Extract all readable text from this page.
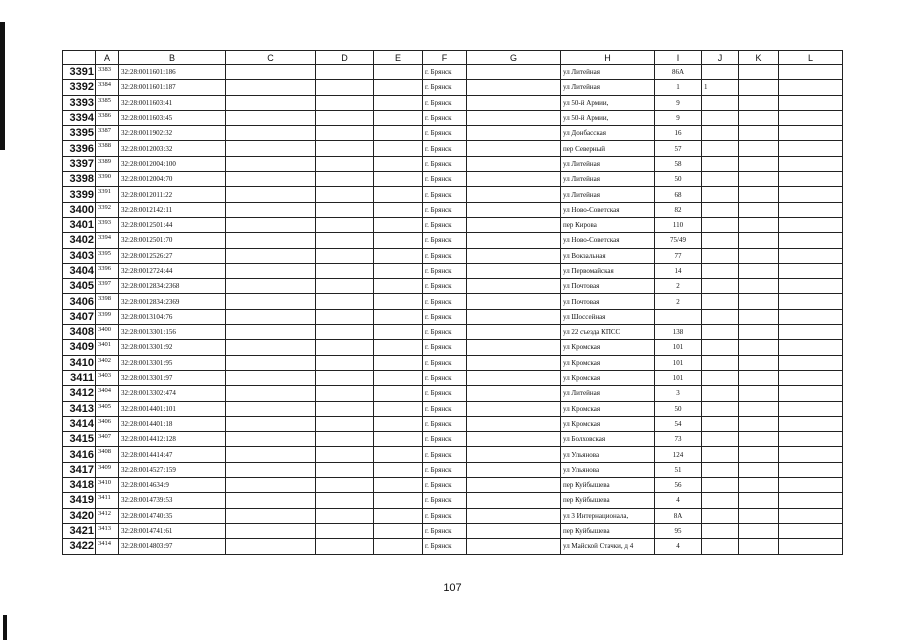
	A	B	C	D	E	F	G	H	I	J	K	L
3391	3383	32:28:0011601:186				г. Брянск		ул Литейная	86А			
3392	3384	32:28:0011601:187				г. Брянск		ул Литейная	1	1		
3393	3385	32:28:0011603:41				г. Брянск		ул 50-й Армии,	9			
3394	3386	32:28:0011603:45				г. Брянск		ул 50-й Армии,	9			
3395	3387	32:28:0011902:32				г. Брянск		ул Донбасская	16			
3396	3388	32:28:0012003:32				г. Брянск		пер Северный	57			
3397	3389	32:28:0012004:100				г. Брянск		ул Литейная	58			
3398	3390	32:28:0012004:70				г. Брянск		ул Литейная	50			
3399	3391	32:28:0012011:22				г. Брянск		ул Литейная	68			
3400	3392	32:28:0012142:11				г. Брянск		ул Ново-Советская	82			
3401	3393	32:28:0012501:44				г. Брянск		пер Кирова	110			
3402	3394	32:28:0012501:70				г. Брянск		ул Ново-Советская	75/49			
3403	3395	32:28:0012526:27				г. Брянск		ул Вокзальная	77			
3404	3396	32:28:0012724:44				г. Брянск		ул Первомайская	14			
3405	3397	32:28:0012834:2368				г. Брянск		ул Почтовая	2			
3406	3398	32:28:0012834:2369				г. Брянск		ул Почтовая	2			
3407	3399	32:28:0013104:76				г. Брянск		ул Шоссейная				
3408	3400	32:28:0013301:156				г. Брянск		ул 22 съезда КПСС	138			
3409	3401	32:28:0013301:92				г. Брянск		ул Кромская	101			
3410	3402	32:28:0013301:95				г. Брянск		ул Кромская	101			
3411	3403	32:28:0013301:97				г. Брянск		ул Кромская	101			
3412	3404	32:28:0013302:474				г. Брянск		ул Литейная	3			
3413	3405	32:28:0014401:101				г. Брянск		ул Кромская	50			
3414	3406	32:28:0014401:18				г. Брянск		ул Кромская	54			
3415	3407	32:28:0014412:128				г. Брянск		ул Болховская	73			
3416	3408	32:28:0014414:47				г. Брянск		ул Ульянова	124			
3417	3409	32:28:0014527:159				г. Брянск		ул Ульянова	51			
3418	3410	32:28:0014634:9				г. Брянск		пер Куйбышева	56			
3419	3411	32:28:0014739:53				г. Брянск		пер Куйбышева	4			
3420	3412	32:28:0014740:35				г. Брянск		ул 3 Интернационала,	8А			
3421	3413	32:28:0014741:61				г. Брянск		пер Куйбышева	95			
3422	3414	32:28:0014803:97				г. Брянск		ул Майской Стачки, д 4	4			
107
